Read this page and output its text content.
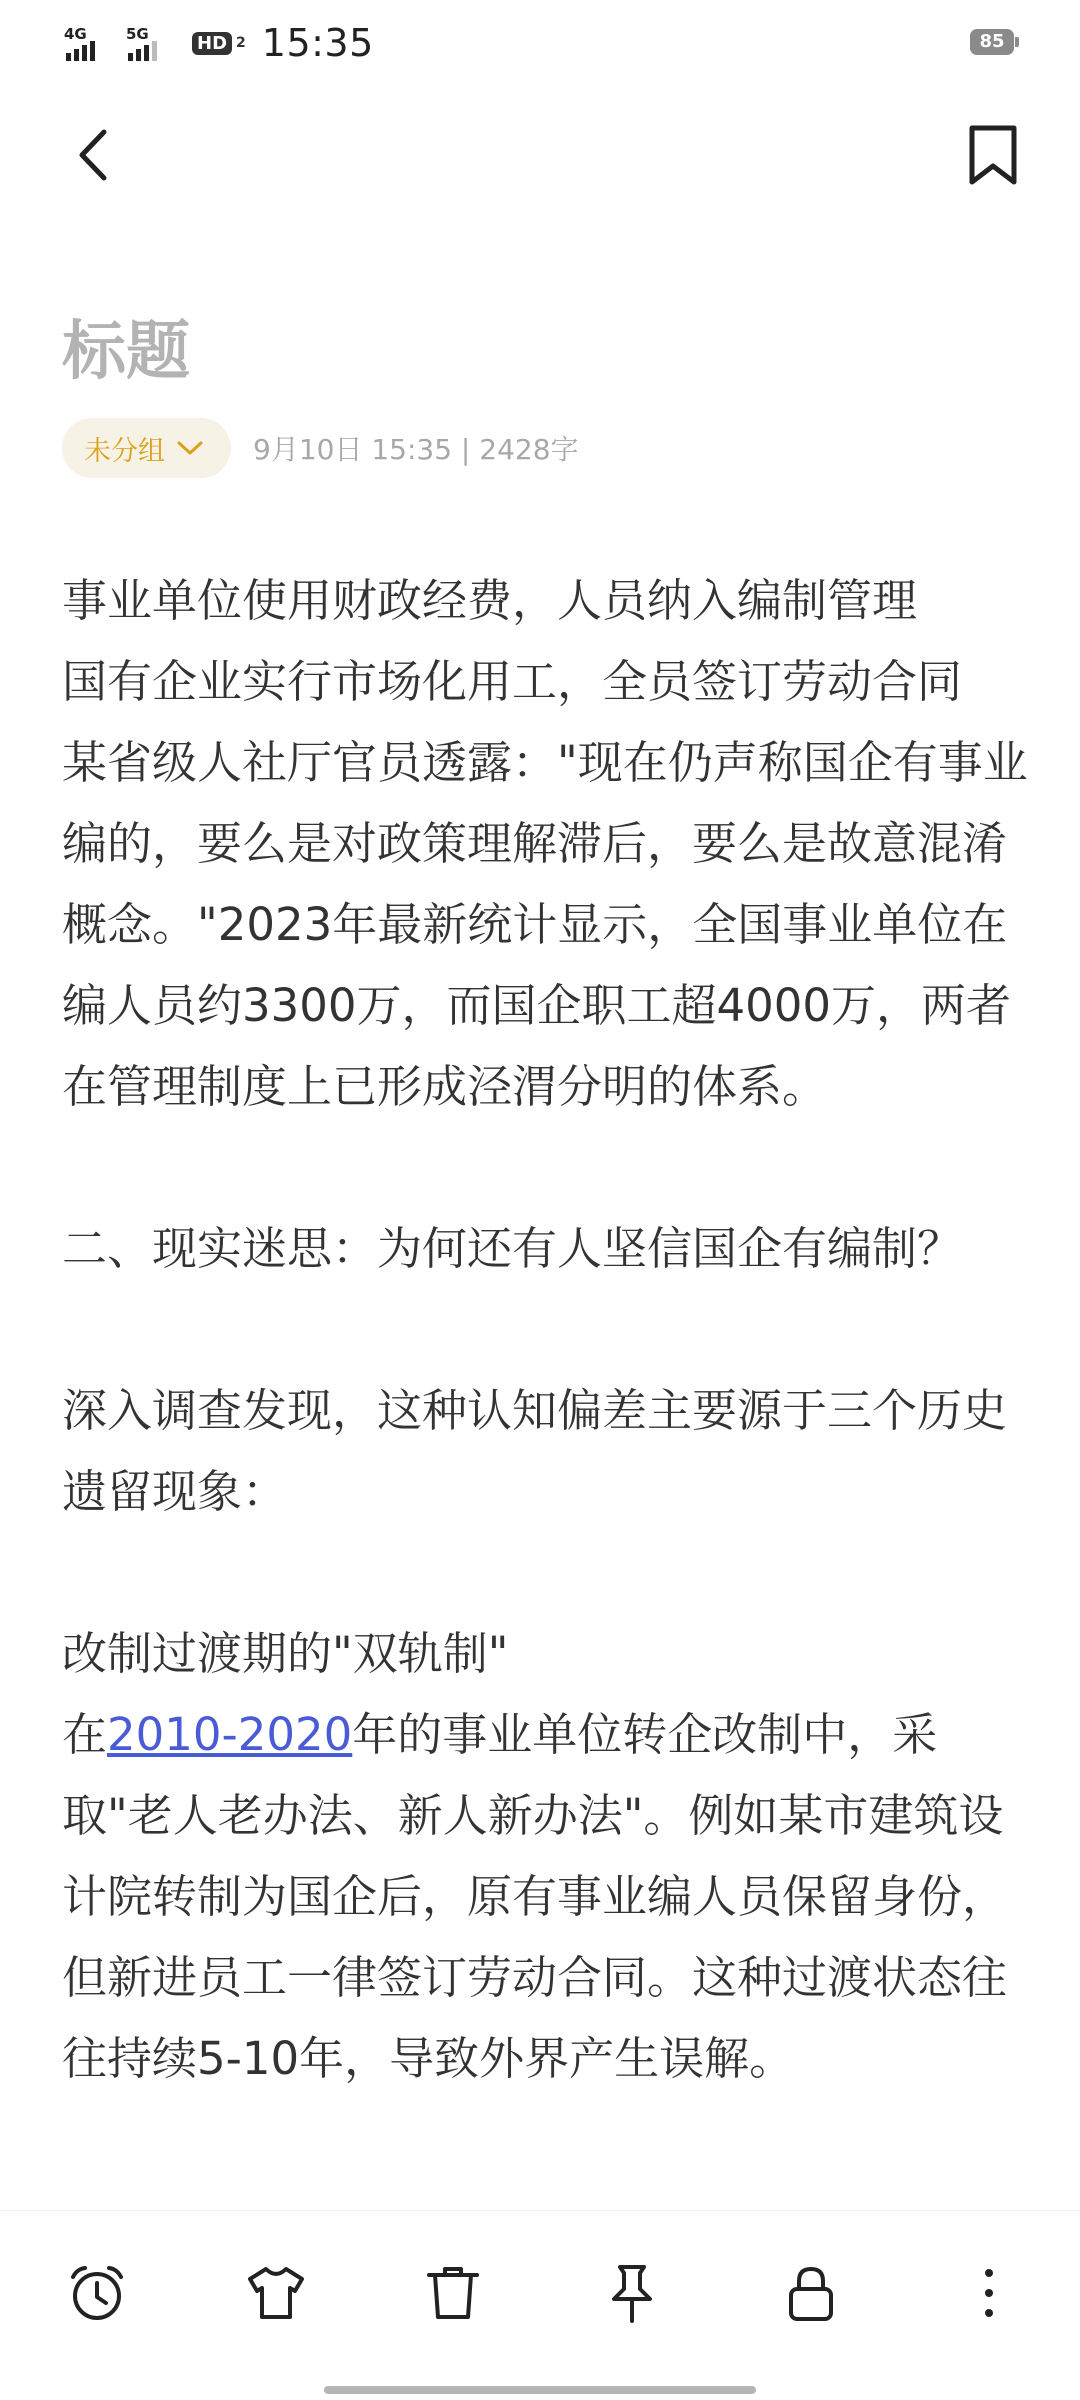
4G	5G	HD 2 15:35	85
标题
未分组	9月10日 15:35 | 2428字

事业单位使用财政经费，人员纳入编制管理

国有企业实行市场化用工，全员签订劳动合同

某省级人社厅官员透露："现在仍声称国企有事业编的，要么是对政策理解滞后，要么是故意混淆概念。"2023年最新统计显示，全国事业单位在编人员约3300万，而国企职工超4000万，两者在管理制度上已形成泾渭分明的体系。

二、现实迷思：为何还有人坚信国企有编制？

深入调查发现，这种认知偏差主要源于三个历史遗留现象：

改制过渡期的"双轨制"

在2010-2020年的事业单位转企改制中，采取"老人老办法、新人新办法"。例如某市建筑设计院转制为国企后，原有事业编人员保留身份，但新进员工一律签订劳动合同。这种过渡状态往往持续5-10年，导致外界产生误解。
